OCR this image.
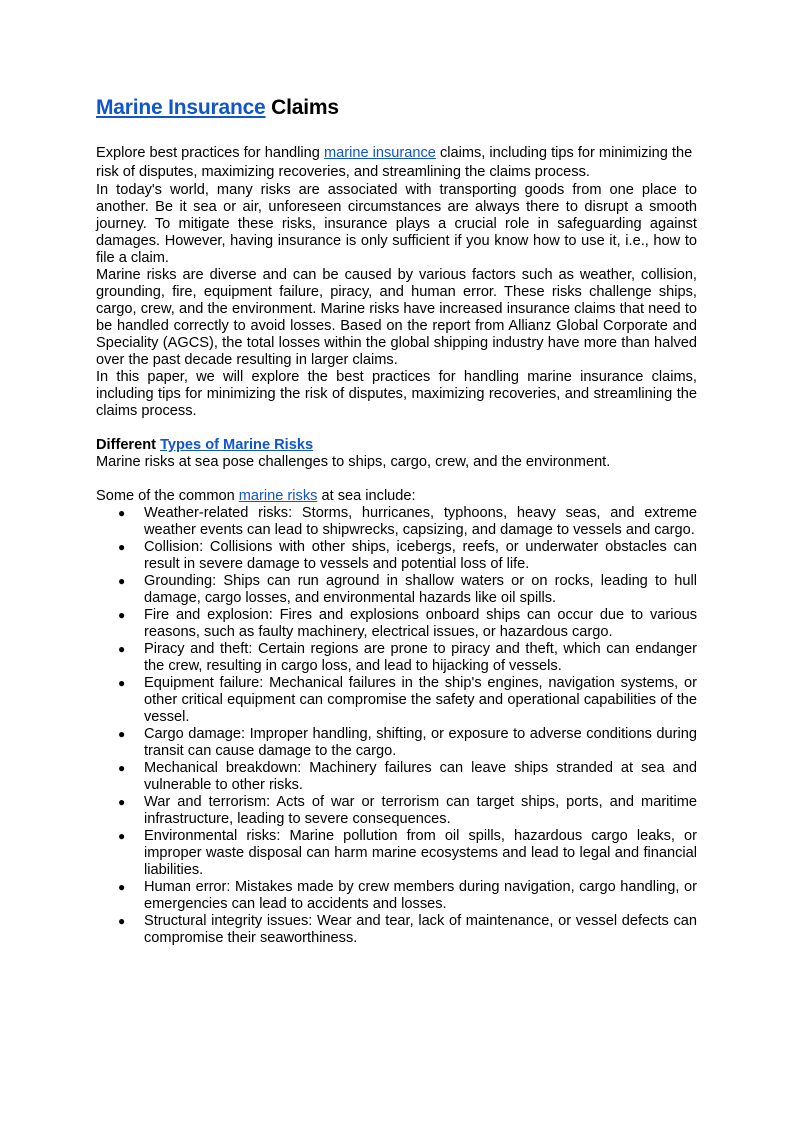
Marine Insurance Claims

Explore best practices for handling marine insurance claims, including tips for minimizing the risk of disputes, maximizing recoveries, and streamlining the claims process.

In today's world, many risks are associated with transporting goods from one place to another. Be it sea or air, unforeseen circumstances are always there to disrupt a smooth journey. To mitigate these risks, insurance plays a crucial role in safeguarding against damages. However, having insurance is only sufficient if you know how to use it, i.e., how to file a claim.

Marine risks are diverse and can be caused by various factors such as weather, collision, grounding, fire, equipment failure, piracy, and human error. These risks challenge ships, cargo, crew, and the environment. Marine risks have increased insurance claims that need to be handled correctly to avoid losses. Based on the report from Allianz Global Corporate and Speciality (AGCS), the total losses within the global shipping industry have more than halved over the past decade resulting in larger claims.

In this paper, we will explore the best practices for handling marine insurance claims, including tips for minimizing the risk of disputes, maximizing recoveries, and streamlining the claims process.

Different Types of Marine Risks
Marine risks at sea pose challenges to ships, cargo, crew, and the environment.
Some of the common marine risks at sea include:
● Weather-related risks: Storms, hurricanes, typhoons, heavy seas, and extreme weather events can lead to shipwrecks, capsizing, and damage to vessels and cargo.
● Collision: Collisions with other ships, icebergs, reefs, or underwater obstacles can result in severe damage to vessels and potential loss of life.
● Grounding: Ships can run aground in shallow waters or on rocks, leading to hull damage, cargo losses, and environmental hazards like oil spills.
● Fire and explosion: Fires and explosions onboard ships can occur due to various reasons, such as faulty machinery, electrical issues, or hazardous cargo.
● Piracy and theft: Certain regions are prone to piracy and theft, which can endanger the crew, resulting in cargo loss, and lead to hijacking of vessels.
● Equipment failure: Mechanical failures in the ship's engines, navigation systems, or other critical equipment can compromise the safety and operational capabilities of the vessel.
● Cargo damage: Improper handling, shifting, or exposure to adverse conditions during transit can cause damage to the cargo.
● Mechanical breakdown: Machinery failures can leave ships stranded at sea and vulnerable to other risks.
● War and terrorism: Acts of war or terrorism can target ships, ports, and maritime infrastructure, leading to severe consequences.
● Environmental risks: Marine pollution from oil spills, hazardous cargo leaks, or improper waste disposal can harm marine ecosystems and lead to legal and financial liabilities.
● Human error: Mistakes made by crew members during navigation, cargo handling, or emergencies can lead to accidents and losses.
● Structural integrity issues: Wear and tear, lack of maintenance, or vessel defects can compromise their seaworthiness.
